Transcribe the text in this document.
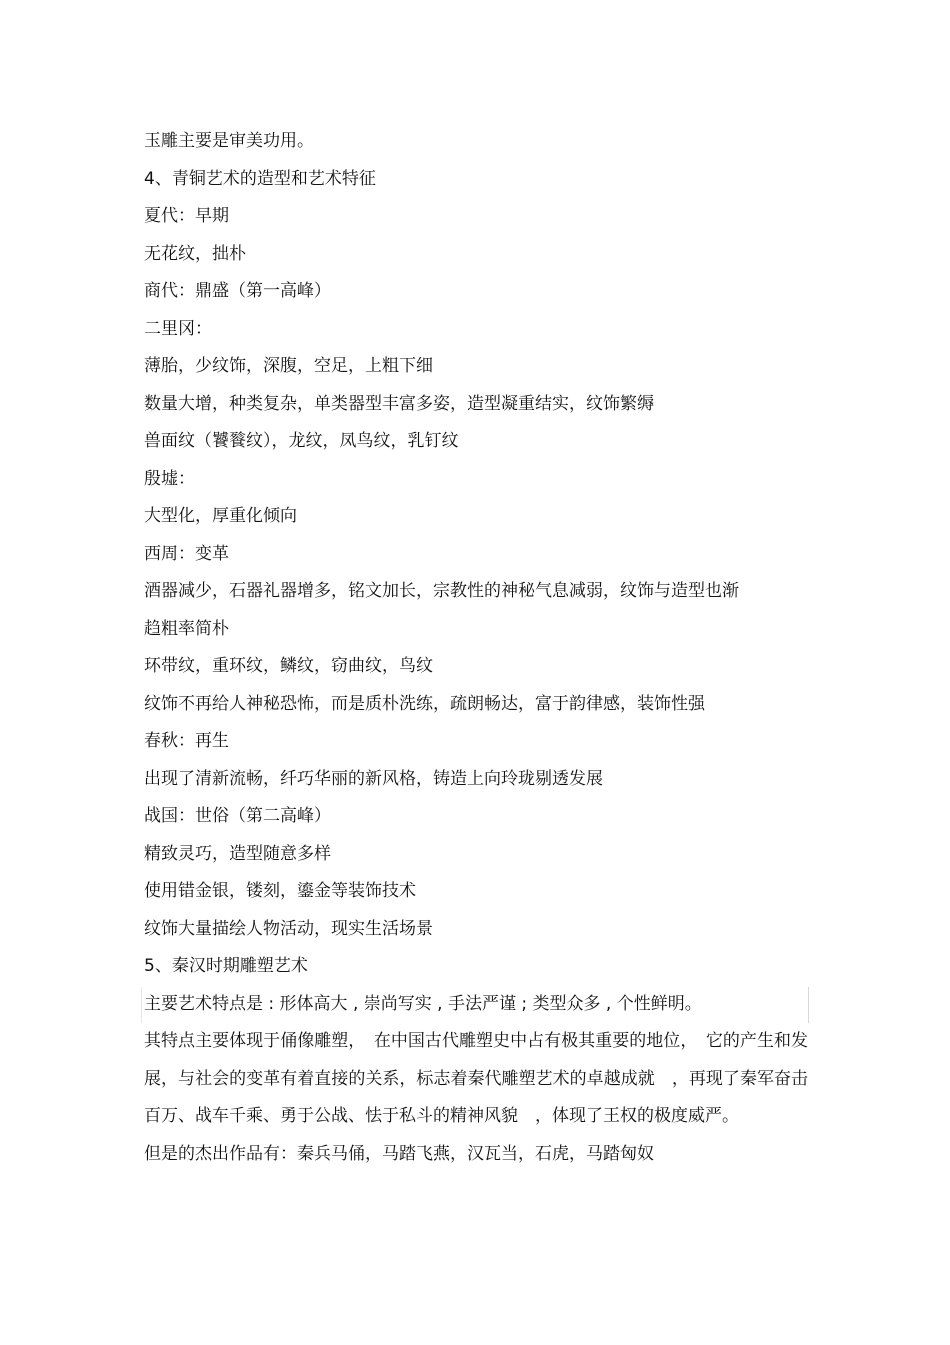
玉雕主要是审美功用。
4、青铜艺术的造型和艺术特征
夏代：早期
无花纹，拙朴
商代：鼎盛（第一高峰）
二里冈：
薄胎，少纹饰，深腹，空足，上粗下细
数量大增，种类复杂，单类器型丰富多姿，造型凝重结实，纹饰繁缛
兽面纹（饕餮纹），龙纹，凤鸟纹，乳钉纹
殷墟：
大型化，厚重化倾向
西周：变革
酒器减少，石器礼器增多，铭文加长，宗教性的神秘气息减弱，纹饰与造型也渐
趋粗率简朴
环带纹，重环纹，鳞纹，窃曲纹，鸟纹
纹饰不再给人神秘恐怖，而是质朴洗练，疏朗畅达，富于韵律感，装饰性强
春秋：再生
出现了清新流畅，纤巧华丽的新风格，铸造上向玲珑剔透发展
战国：世俗（第二高峰）
精致灵巧，造型随意多样
使用错金银，镂刻，鎏金等装饰技术
纹饰大量描绘人物活动，现实生活场景
5、秦汉时期雕塑艺术
主要艺术特点是 : 形体高大 , 崇尚写实 , 手法严谨 ; 类型众多 , 个性鲜明。
其特点主要体现于俑像雕塑，　在中国古代雕塑史中占有极其重要的地位，　它的产生和发展，与社会的变革有着直接的关系，标志着秦代雕塑艺术的卓越成就　，再现了秦军奋击百万、战车千乘、勇于公战、怯于私斗的精神风貌　，体现了王权的极度威严。
但是的杰出作品有：秦兵马俑，马踏飞燕，汉瓦当，石虎，马踏匈奴
